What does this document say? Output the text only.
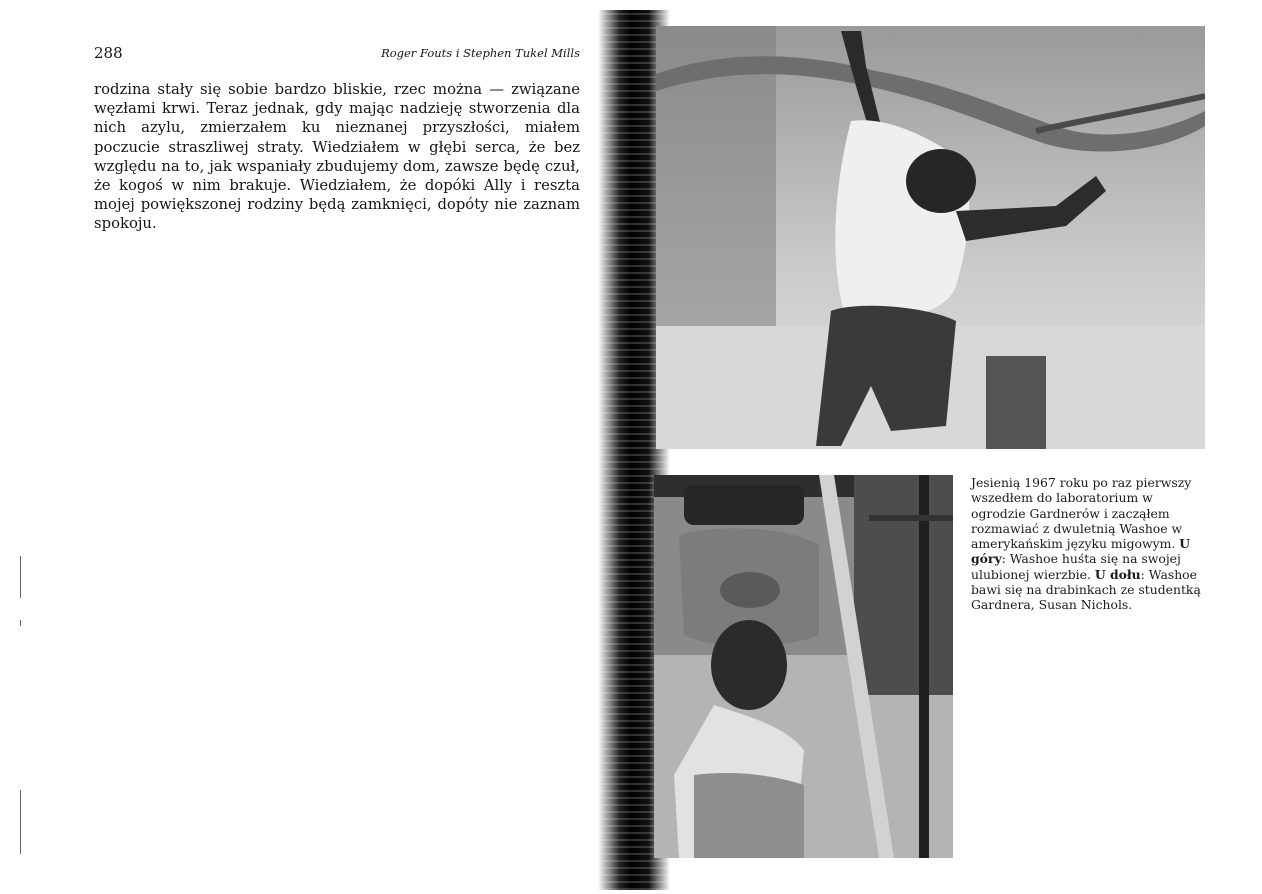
288	Roger Fouts i Stephen Tukel Mills

rodzina stały się sobie bardzo bliskie, rzec można — związane węzłami krwi. Teraz jednak, gdy mając nadzieję stworzenia dla nich azylu, zmierzałem ku nieznanej przyszłości, miałem poczucie straszliwej straty. Wiedziałem w głębi serca, że bez względu na to, jak wspaniały zbudujemy dom, zawsze będę czuł, że kogoś w nim brakuje. Wiedziałem, że dopóki Ally i reszta mojej powiększonej rodziny będą zamknięci, dopóty nie zaznam spokoju.

Jesienią 1967 roku po raz pierwszy wszedłem do laboratorium w ogrodzie Gardnerów i zacząłem rozmawiać z dwuletnią Washoe w amerykańskim języku migowym. U góry: Washoe huśta się na swojej ulubionej wierzbie. U dołu: Washoe bawi się na drabinkach ze studentką Gardnera, Susan Nichols.
